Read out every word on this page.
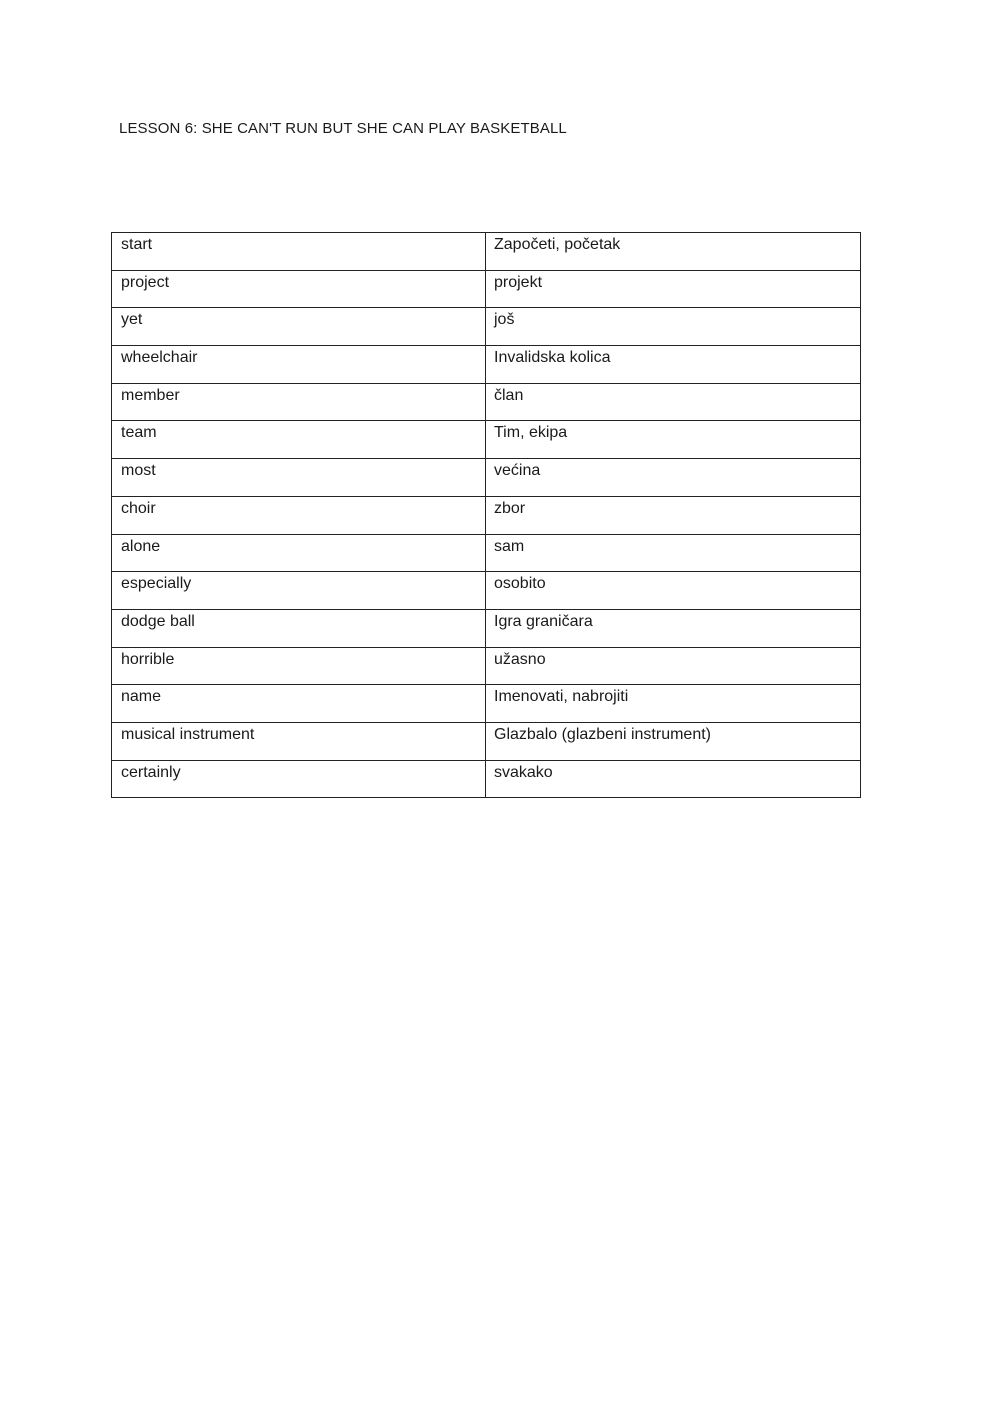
LESSON 6: SHE CAN'T RUN BUT SHE CAN PLAY BASKETBALL
start	Započeti, početak
project	projekt
yet	još
wheelchair	Invalidska kolica
member	član
team	Tim, ekipa
most	većina
choir	zbor
alone	sam
especially	osobito
dodge ball	Igra graničara
horrible	užasno
name	Imenovati, nabrojiti
musical instrument	Glazbalo (glazbeni instrument)
certainly	svakako
